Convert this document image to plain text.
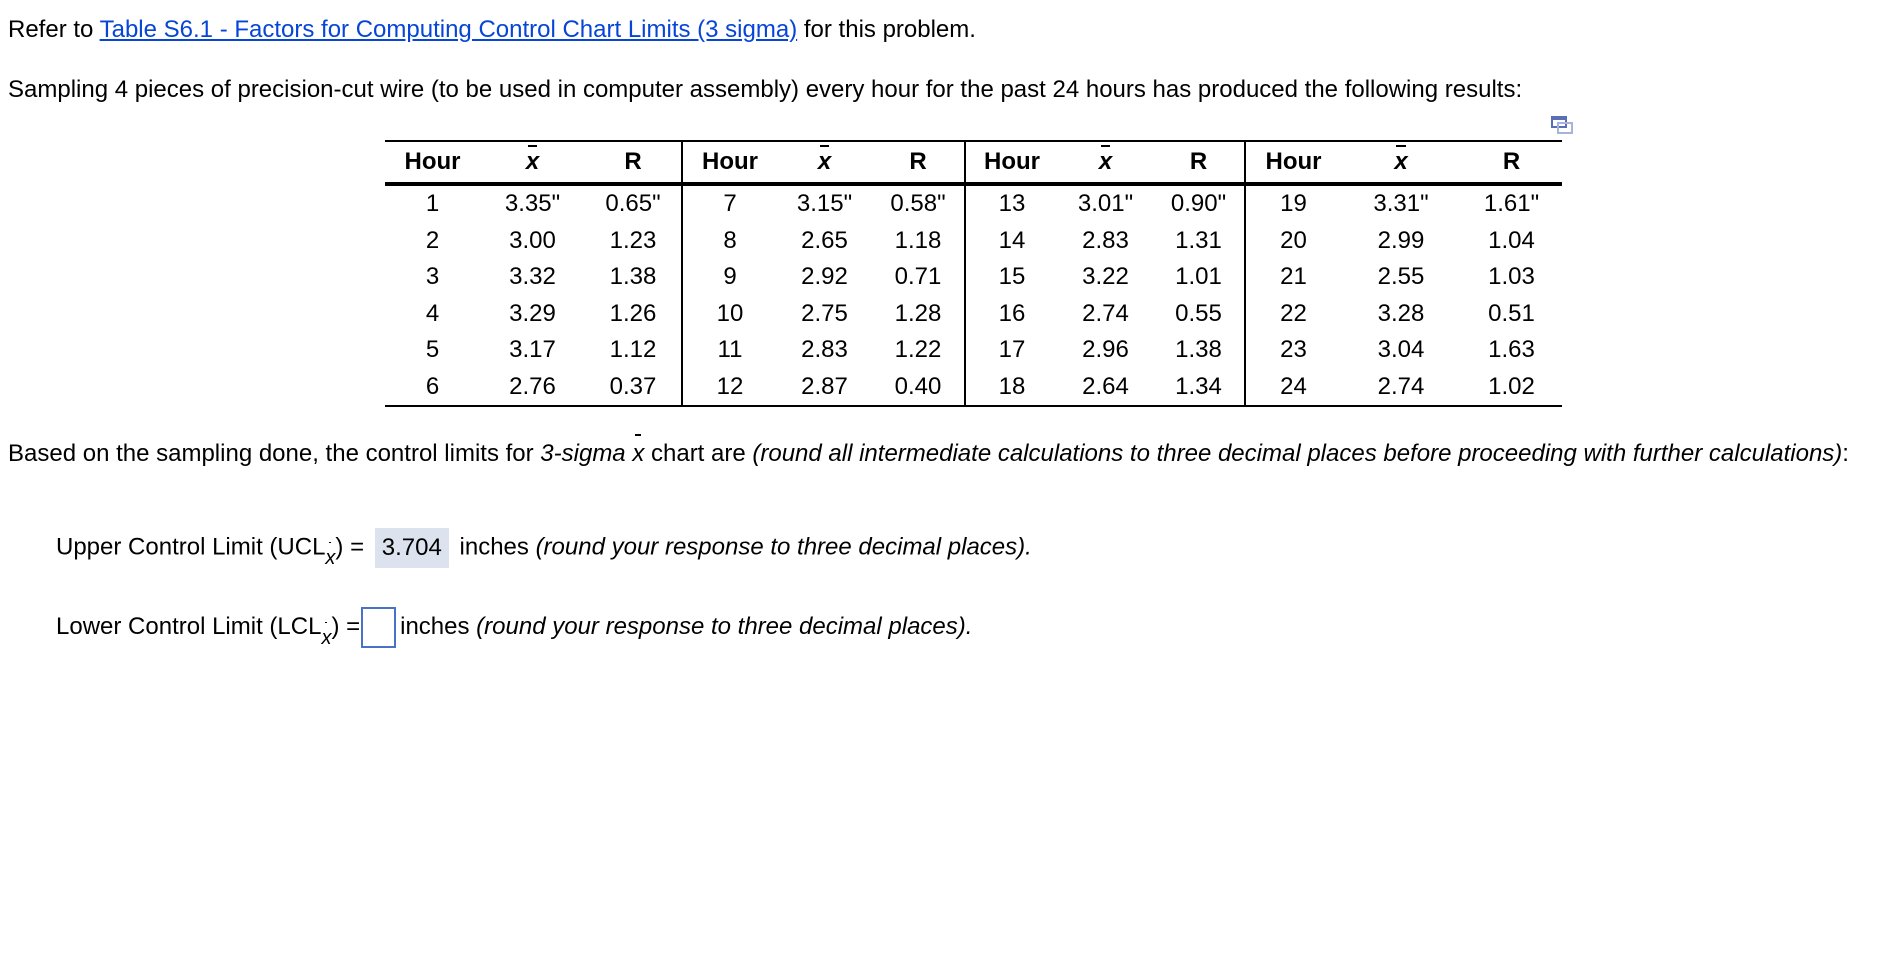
Refer to Table S6.1 - Factors for Computing Control Chart Limits (3 sigma) for this problem.
Sampling 4 pieces of precision-cut wire (to be used in computer assembly) every hour for the past 24 hours has produced the following results:
Hour	x	R	Hour	x	R	Hour	x	R	Hour	x	R
1	3.35"	0.65"	7	3.15"	0.58"	13	3.01"	0.90"	19	3.31"	1.61"
2	3.00	1.23	8	2.65	1.18	14	2.83	1.31	20	2.99	1.04
3	3.32	1.38	9	2.92	0.71	15	3.22	1.01	21	2.55	1.03
4	3.29	1.26	10	2.75	1.28	16	2.74	0.55	22	3.28	0.51
5	3.17	1.12	11	2.83	1.22	17	2.96	1.38	23	3.04	1.63
6	2.76	0.37	12	2.87	0.40	18	2.64	1.34	24	2.74	1.02
Based on the sampling done, the control limits for 3-sigma x chart are (round all intermediate calculations to three decimal places before proceeding with further calculations):
Upper Control Limit (UCLx) = 3.704 inches (round your response to three decimal places).
Lower Control Limit (LCLx) = inches (round your response to three decimal places).
